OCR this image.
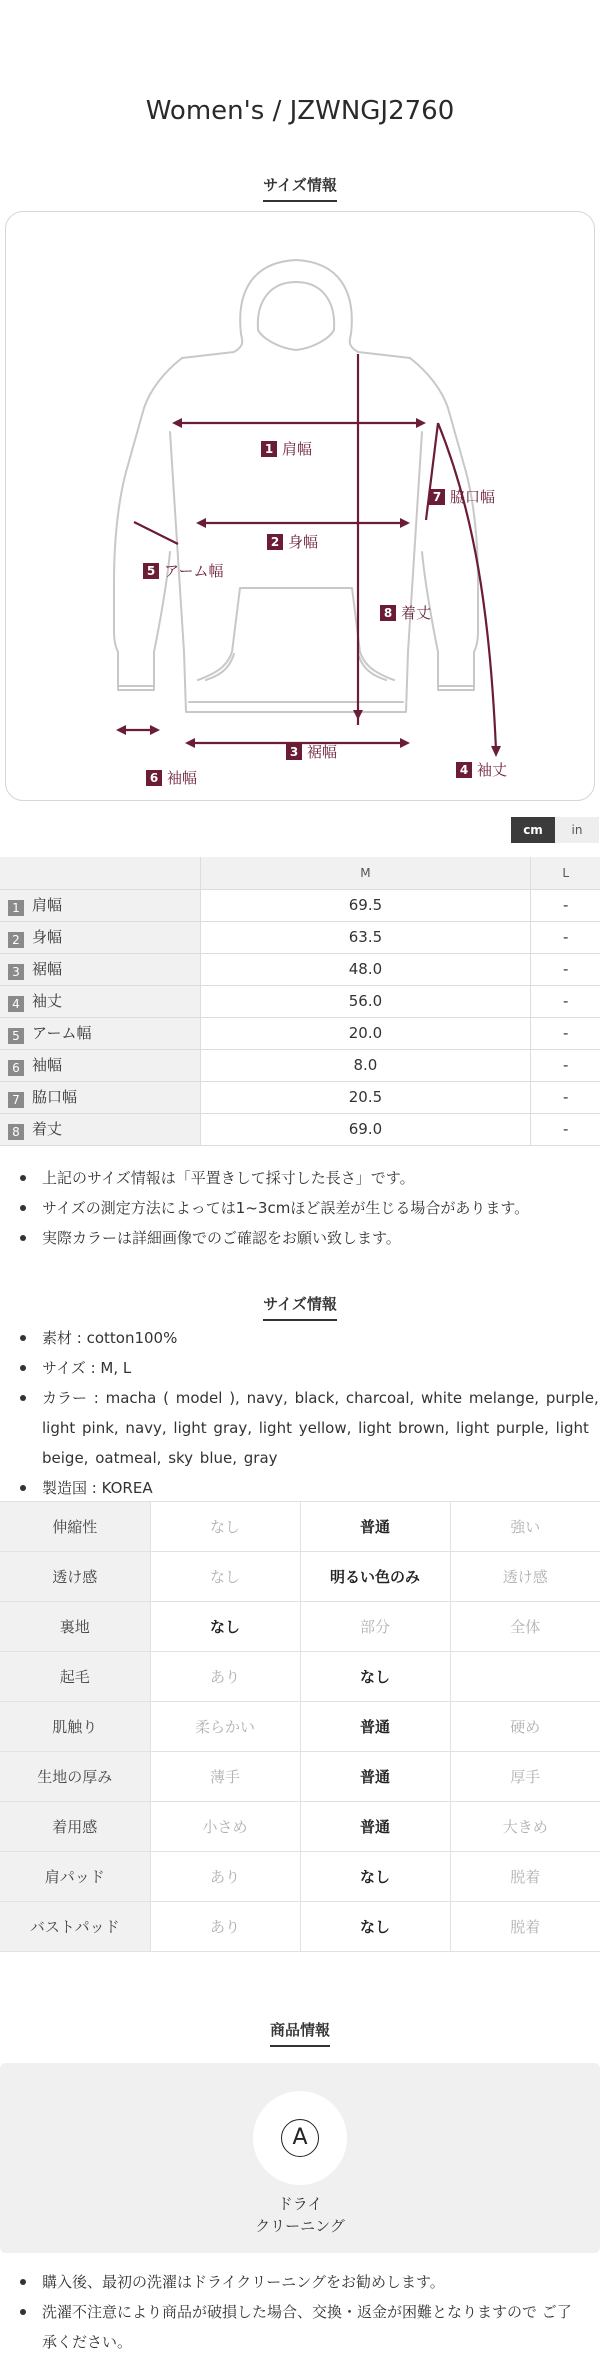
Women's / JZWNGJ2760
サイズ情報
1 肩幅
2 身幅
3 裾幅
4 袖丈
5 アーム幅
6 袖幅
7 脇口幅
8 着丈
cm	in
	M	L
1 肩幅	69.5	-
2 身幅	63.5	-
3 裾幅	48.0	-
4 袖丈	56.0	-
5 アーム幅	20.0	-
6 袖幅	8.0	-
7 脇口幅	20.5	-
8 着丈	69.0	-
上記のサイズ情報は「平置きして採寸した長さ」です。
サイズの測定方法によっては1~3cmほど誤差が生じる場合があります。
実際カラーは詳細画像でのご確認をお願い致します。
サイズ情報
素材 : cotton100%
サイズ : M, L
カラー : macha ( model ), navy, black, charcoal, white melange, purple, light pink, navy, light gray, light yellow, light brown, light purple, light beige, oatmeal, sky blue, gray
製造国 : KOREA
伸縮性	なし	普通	強い
透け感	なし	明るい色のみ	透け感
裏地	なし	部分	全体
起毛	あり	なし	
肌触り	柔らかい	普通	硬め
生地の厚み	薄手	普通	厚手
着用感	小さめ	普通	大きめ
肩パッド	あり	なし	脱着
バストパッド	あり	なし	脱着
商品情報
A
ドライ
クリーニング
購入後、最初の洗濯はドライクリーニングをお勧めします。
洗濯不注意により商品が破損した場合、交換・返金が困難となりますので ご了承ください。
